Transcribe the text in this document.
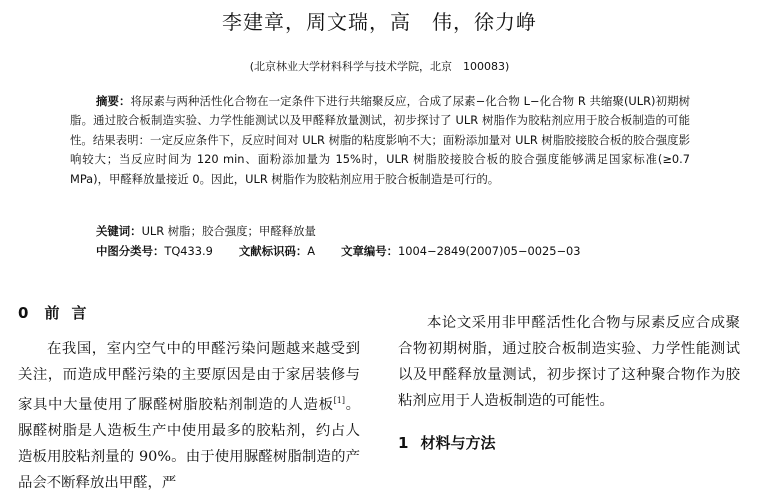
李建章，周文瑞，高　伟，徐力峥
(北京林业大学材料科学与技术学院，北京　100083)
摘要：将尿素与两种活性化合物在一定条件下进行共缩聚反应，合成了尿素−化合物 L−化合物 R 共缩聚(ULR)初期树脂。通过胶合板制造实验、力学性能测试以及甲醛释放量测试，初步探讨了 ULR 树脂作为胶粘剂应用于胶合板制造的可能性。结果表明：一定反应条件下，反应时间对 ULR 树脂的粘度影响不大；面粉添加量对 ULR 树脂胶接胶合板的胶合强度影响较大；当反应时间为 120 min、面粉添加量为 15%时，ULR 树脂胶接胶合板的胶合强度能够满足国家标准(≥0.7 MPa)，甲醛释放量接近 0。因此，ULR 树脂作为胶粘剂应用于胶合板制造是可行的。
关键词：ULR 树脂；胶合强度；甲醛释放量
中图分类号：TQ433.9 文献标识码：A 文章编号：1004−2849(2007)05−0025−03
0 前 言

在我国，室内空气中的甲醛污染问题越来越受到关注，而造成甲醛污染的主要原因是由于家居装修与家具中大量使用了脲醛树脂胶粘剂制造的人造板[1]。脲醛树脂是人造板生产中使用最多的胶粘剂，约占人造板用胶粘剂量的 90%。由于使用脲醛树脂制造的产品会不断释放出甲醛，严

本论文采用非甲醛活性化合物与尿素反应合成聚合物初期树脂，通过胶合板制造实验、力学性能测试以及甲醛释放量测试，初步探讨了这种聚合物作为胶粘剂应用于人造板制造的可能性。

1 材料与方法
